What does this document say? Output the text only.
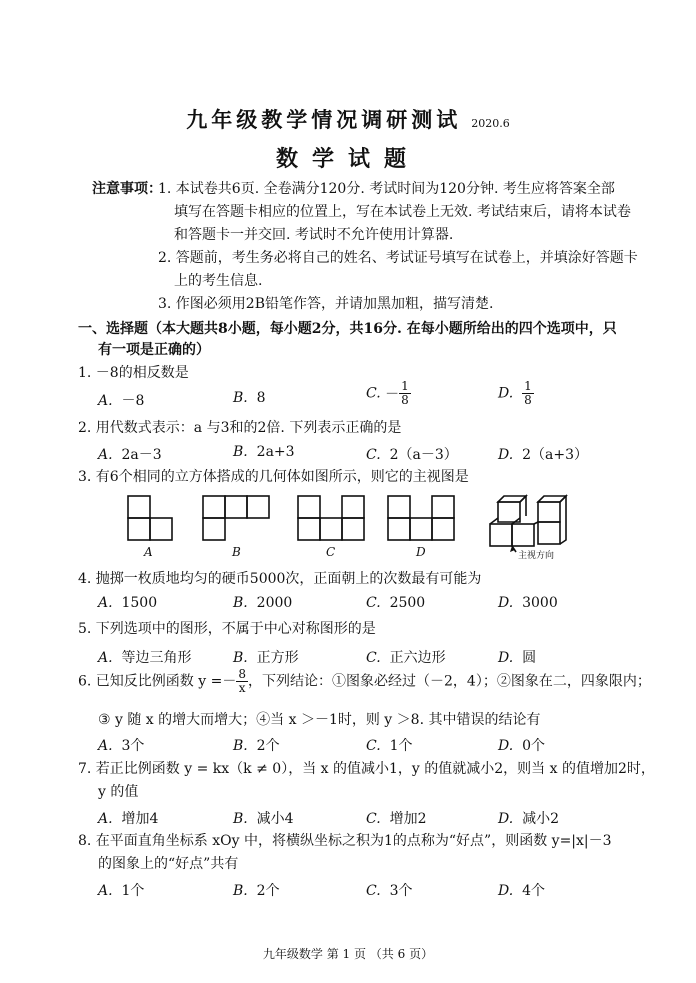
九年级教学情况调研测试 2020.6
数学试题
注意事项：
1. 本试卷共6页. 全卷满分120分. 考试时间为120分钟. 考生应将答案全部
填写在答题卡相应的位置上，写在本试卷上无效. 考试结束后，请将本试卷
和答题卡一并交回. 考试时不允许使用计算器.
2. 答题前，考生务必将自己的姓名、考试证号填写在试卷上，并填涂好答题卡
上的考生信息.
3. 作图必须用2B铅笔作答，并请加黑加粗，描写清楚.
一、选择题（本大题共8小题，每小题2分，共16分. 在每小题所给出的四个选项中，只
有一项是正确的）
1. －8的相反数是
A. －8	B. 8	C. － $\frac{1}{8}$	D. $\frac{1}{8}$
2. 用代数式表示：a 与3和的2倍. 下列表示正确的是
A. 2a－3	B. 2a+3	C. 2（a－3）	D. 2（a+3）
3. 有6个相同的立方体搭成的几何体如图所示，则它的主视图是
主视方向
A	B	C	D
4. 抛掷一枚质地均匀的硬币5000次，正面朝上的次数最有可能为
A. 1500	B. 2000	C. 2500	D. 3000
5. 下列选项中的图形，不属于中心对称图形的是
A. 等边三角形	B. 正方形	C. 正六边形	D. 圆
6. 已知反比例函数 $y =- \frac{8}{x}$ ，下列结论：①图象必经过（－2，4）；②图象在二，四象限内；
③ y 随 x 的增大而增大；④当 x ＞－1时，则 y ＞8. 其中错误的结论有
A. 3个	B. 2个	C. 1个	D. 0个
7. 若正比例函数 y = kx（k ≠ 0），当 x 的值减小1，y 的值就减小2，则当 x 的值增加2时，
y 的值
A. 增加4	B. 减小4	C. 增加2	D. 减小2
8. 在平面直角坐标系 xOy 中，将横纵坐标之积为1的点称为“好点”，则函数 y=|x|－3
的图象上的“好点”共有
A. 1个	B. 2个	C. 3个	D. 4个
九年级数学 第 1 页 （共 6 页）
